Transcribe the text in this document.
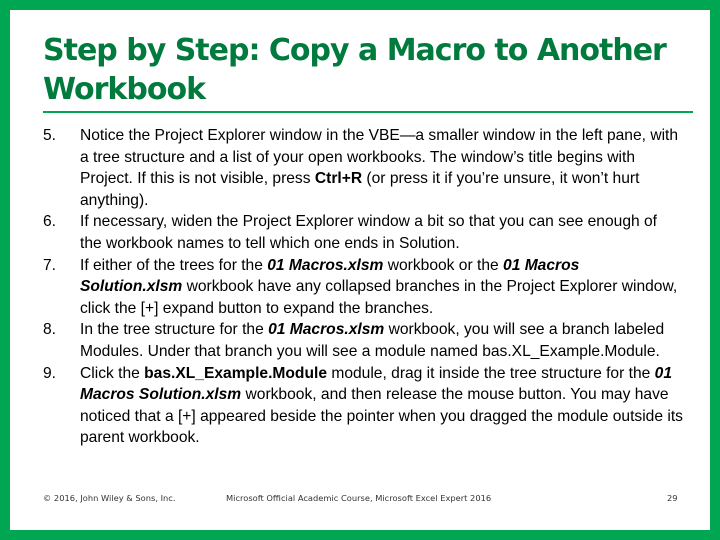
Step by Step: Copy a Macro to Another Workbook
5. Notice the Project Explorer window in the VBE—a smaller window in the left pane, with a tree structure and a list of your open workbooks. The window’s title begins with Project. If this is not visible, press Ctrl+R (or press it if you’re unsure, it won’t hurt anything).
6. If necessary, widen the Project Explorer window a bit so that you can see enough of the workbook names to tell which one ends in Solution.
7. If either of the trees for the 01 Macros.xlsm workbook or the 01 Macros Solution.xlsm workbook have any collapsed branches in the Project Explorer window, click the [+] expand button to expand the branches.
8. In the tree structure for the 01 Macros.xlsm workbook, you will see a branch labeled Modules. Under that branch you will see a module named bas.XL_Example.Module.
9. Click the bas.XL_Example.Module module, drag it inside the tree structure for the 01 Macros Solution.xlsm workbook, and then release the mouse button. You may have noticed that a [+] appeared beside the pointer when you dragged the module outside its parent workbook.
© 2016, John Wiley & Sons, Inc.	Microsoft Official Academic Course, Microsoft Excel Expert 2016	29
